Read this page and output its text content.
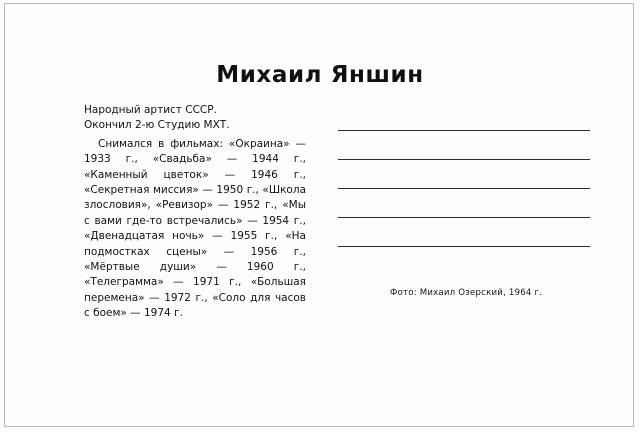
Михаил Яншин

Народный артист СССР.

Окончил 2-ю Студию МХТ.

Снимался в фильмах: «Окраина» — 1933 г., «Свадьба» — 1944 г., «Каменный цветок» — 1946 г., «Секретная миссия» — 1950 г., «Школа злословия», «Ревизор» — 1952 г., «Мы с вами где-то встречались» — 1954 г., «Двенадцатая ночь» — 1955 г., «На подмостках сцены» — 1956 г., «Мёртвые души» — 1960 г., «Телеграмма» — 1971 г., «Большая перемена» — 1972 г., «Соло для часов с боем» — 1974 г.

Фото: Михаил Озерский, 1964 г.
